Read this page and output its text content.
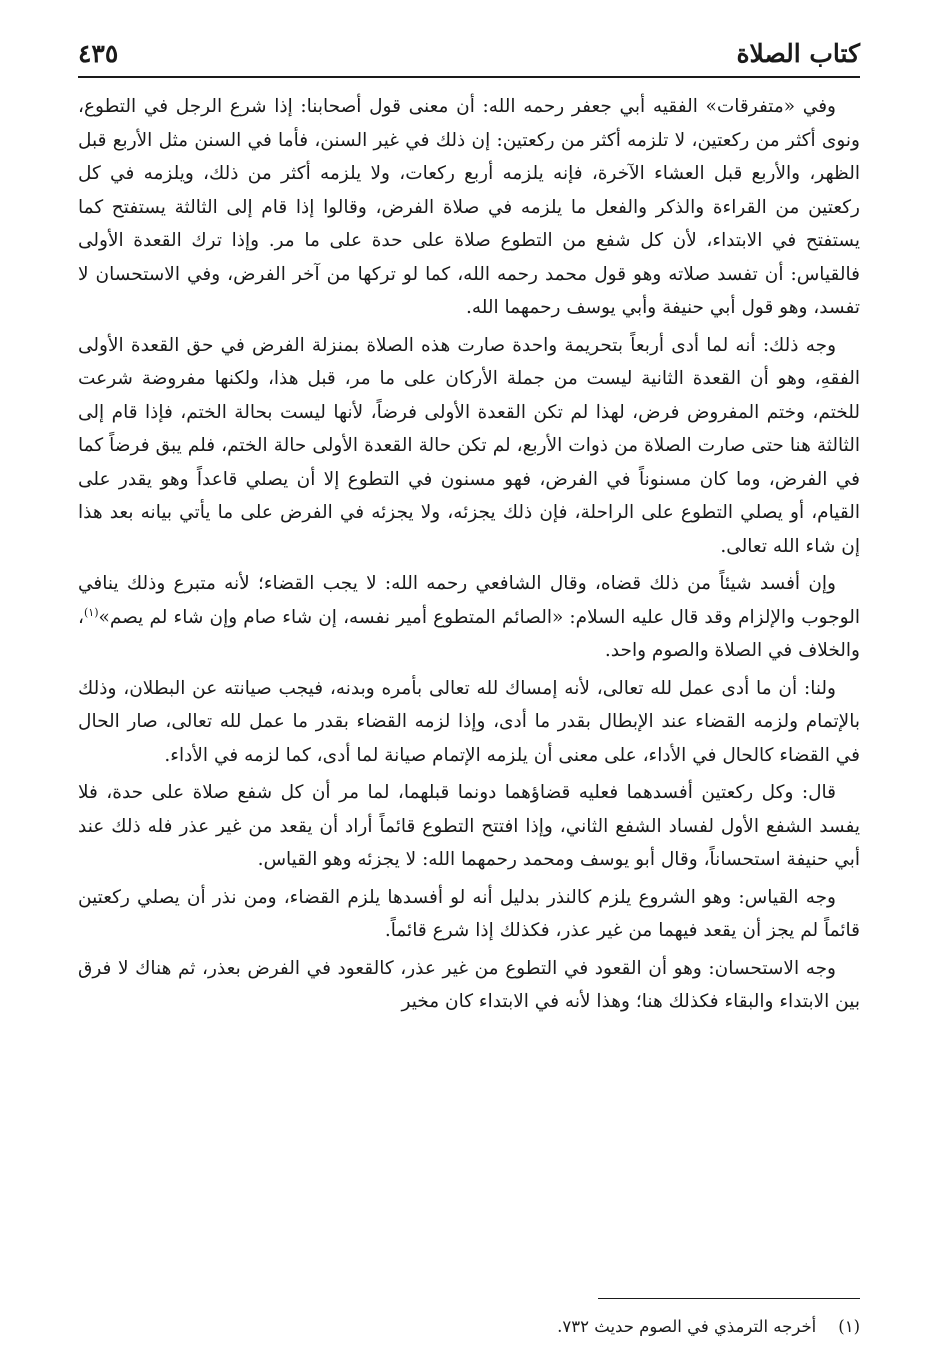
كتاب الصلاة
٤٣٥

وفي «متفرقات» الفقيه أبي جعفر رحمه الله: أن معنى قول أصحابنا: إذا شرع الرجل في التطوع، ونوى أكثر من ركعتين، لا تلزمه أكثر من ركعتين: إن ذلك في غير السنن، فأما في السنن مثل الأربع قبل الظهر، والأربع قبل العشاء الآخرة، فإنه يلزمه أربع ركعات، ولا يلزمه أكثر من ذلك، ويلزمه في كل ركعتين من القراءة والذكر والفعل ما يلزمه في صلاة الفرض، وقالوا إذا قام إلى الثالثة يستفتح كما يستفتح في الابتداء، لأن كل شفع من التطوع صلاة على حدة على ما مر. وإذا ترك القعدة الأولى فالقياس: أن تفسد صلاته وهو قول محمد رحمه الله، كما لو تركها من آخر الفرض، وفي الاستحسان لا تفسد، وهو قول أبي حنيفة وأبي يوسف رحمهما الله.

وجه ذلك: أنه لما أدى أربعاً بتحريمة واحدة صارت هذه الصلاة بمنزلة الفرض في حق القعدة الأولى الفقهِ، وهو أن القعدة الثانية ليست من جملة الأركان على ما مر، قبل هذا، ولكنها مفروضة شرعت للختم، وختم المفروض فرض، لهذا لم تكن القعدة الأولى فرضاً، لأنها ليست بحالة الختم، فإذا قام إلى الثالثة هنا حتى صارت الصلاة من ذوات الأربع، لم تكن حالة القعدة الأولى حالة الختم، فلم يبق فرضاً كما في الفرض، وما كان مسنوناً في الفرض، فهو مسنون في التطوع إلا أن يصلي قاعداً وهو يقدر على القيام، أو يصلي التطوع على الراحلة، فإن ذلك يجزئه، ولا يجزئه في الفرض على ما يأتي بيانه بعد هذا إن شاء الله تعالى.

وإن أفسد شيئاً من ذلك قضاه، وقال الشافعي رحمه الله: لا يجب القضاء؛ لأنه متبرع وذلك ينافي الوجوب والإلزام وقد قال عليه السلام: «الصائم المتطوع أمير نفسه، إن شاء صام وإن شاء لم يصم»$^{(١)}$، والخلاف في الصلاة والصوم واحد.

ولنا: أن ما أدى عمل لله تعالى، لأنه إمساك لله تعالى بأمره وبدنه، فيجب صيانته عن البطلان، وذلك بالإتمام ولزمه القضاء عند الإبطال بقدر ما أدى، وإذا لزمه القضاء بقدر ما عمل لله تعالى، صار الحال في القضاء كالحال في الأداء، على معنى أن يلزمه الإتمام صيانة لما أدى، كما لزمه في الأداء.

قال: وكل ركعتين أفسدهما فعليه قضاؤهما دونما قبلهما، لما مر أن كل شفع صلاة على حدة، فلا يفسد الشفع الأول لفساد الشفع الثاني، وإذا افتتح التطوع قائماً أراد أن يقعد من غير عذر فله ذلك عند أبي حنيفة استحساناً، وقال أبو يوسف ومحمد رحمهما الله: لا يجزئه وهو القياس.

وجه القياس: وهو الشروع يلزم كالنذر بدليل أنه لو أفسدها يلزم القضاء، ومن نذر أن يصلي ركعتين قائماً لم يجز أن يقعد فيهما من غير عذر، فكذلك إذا شرع قائماً.

وجه الاستحسان: وهو أن القعود في التطوع من غير عذر، كالقعود في الفرض بعذر، ثم هناك لا فرق بين الابتداء والبقاء فكذلك هنا؛ وهذا لأنه في الابتداء كان مخير

(١)أخرجه الترمذي في الصوم حديث ٧٣٢.
